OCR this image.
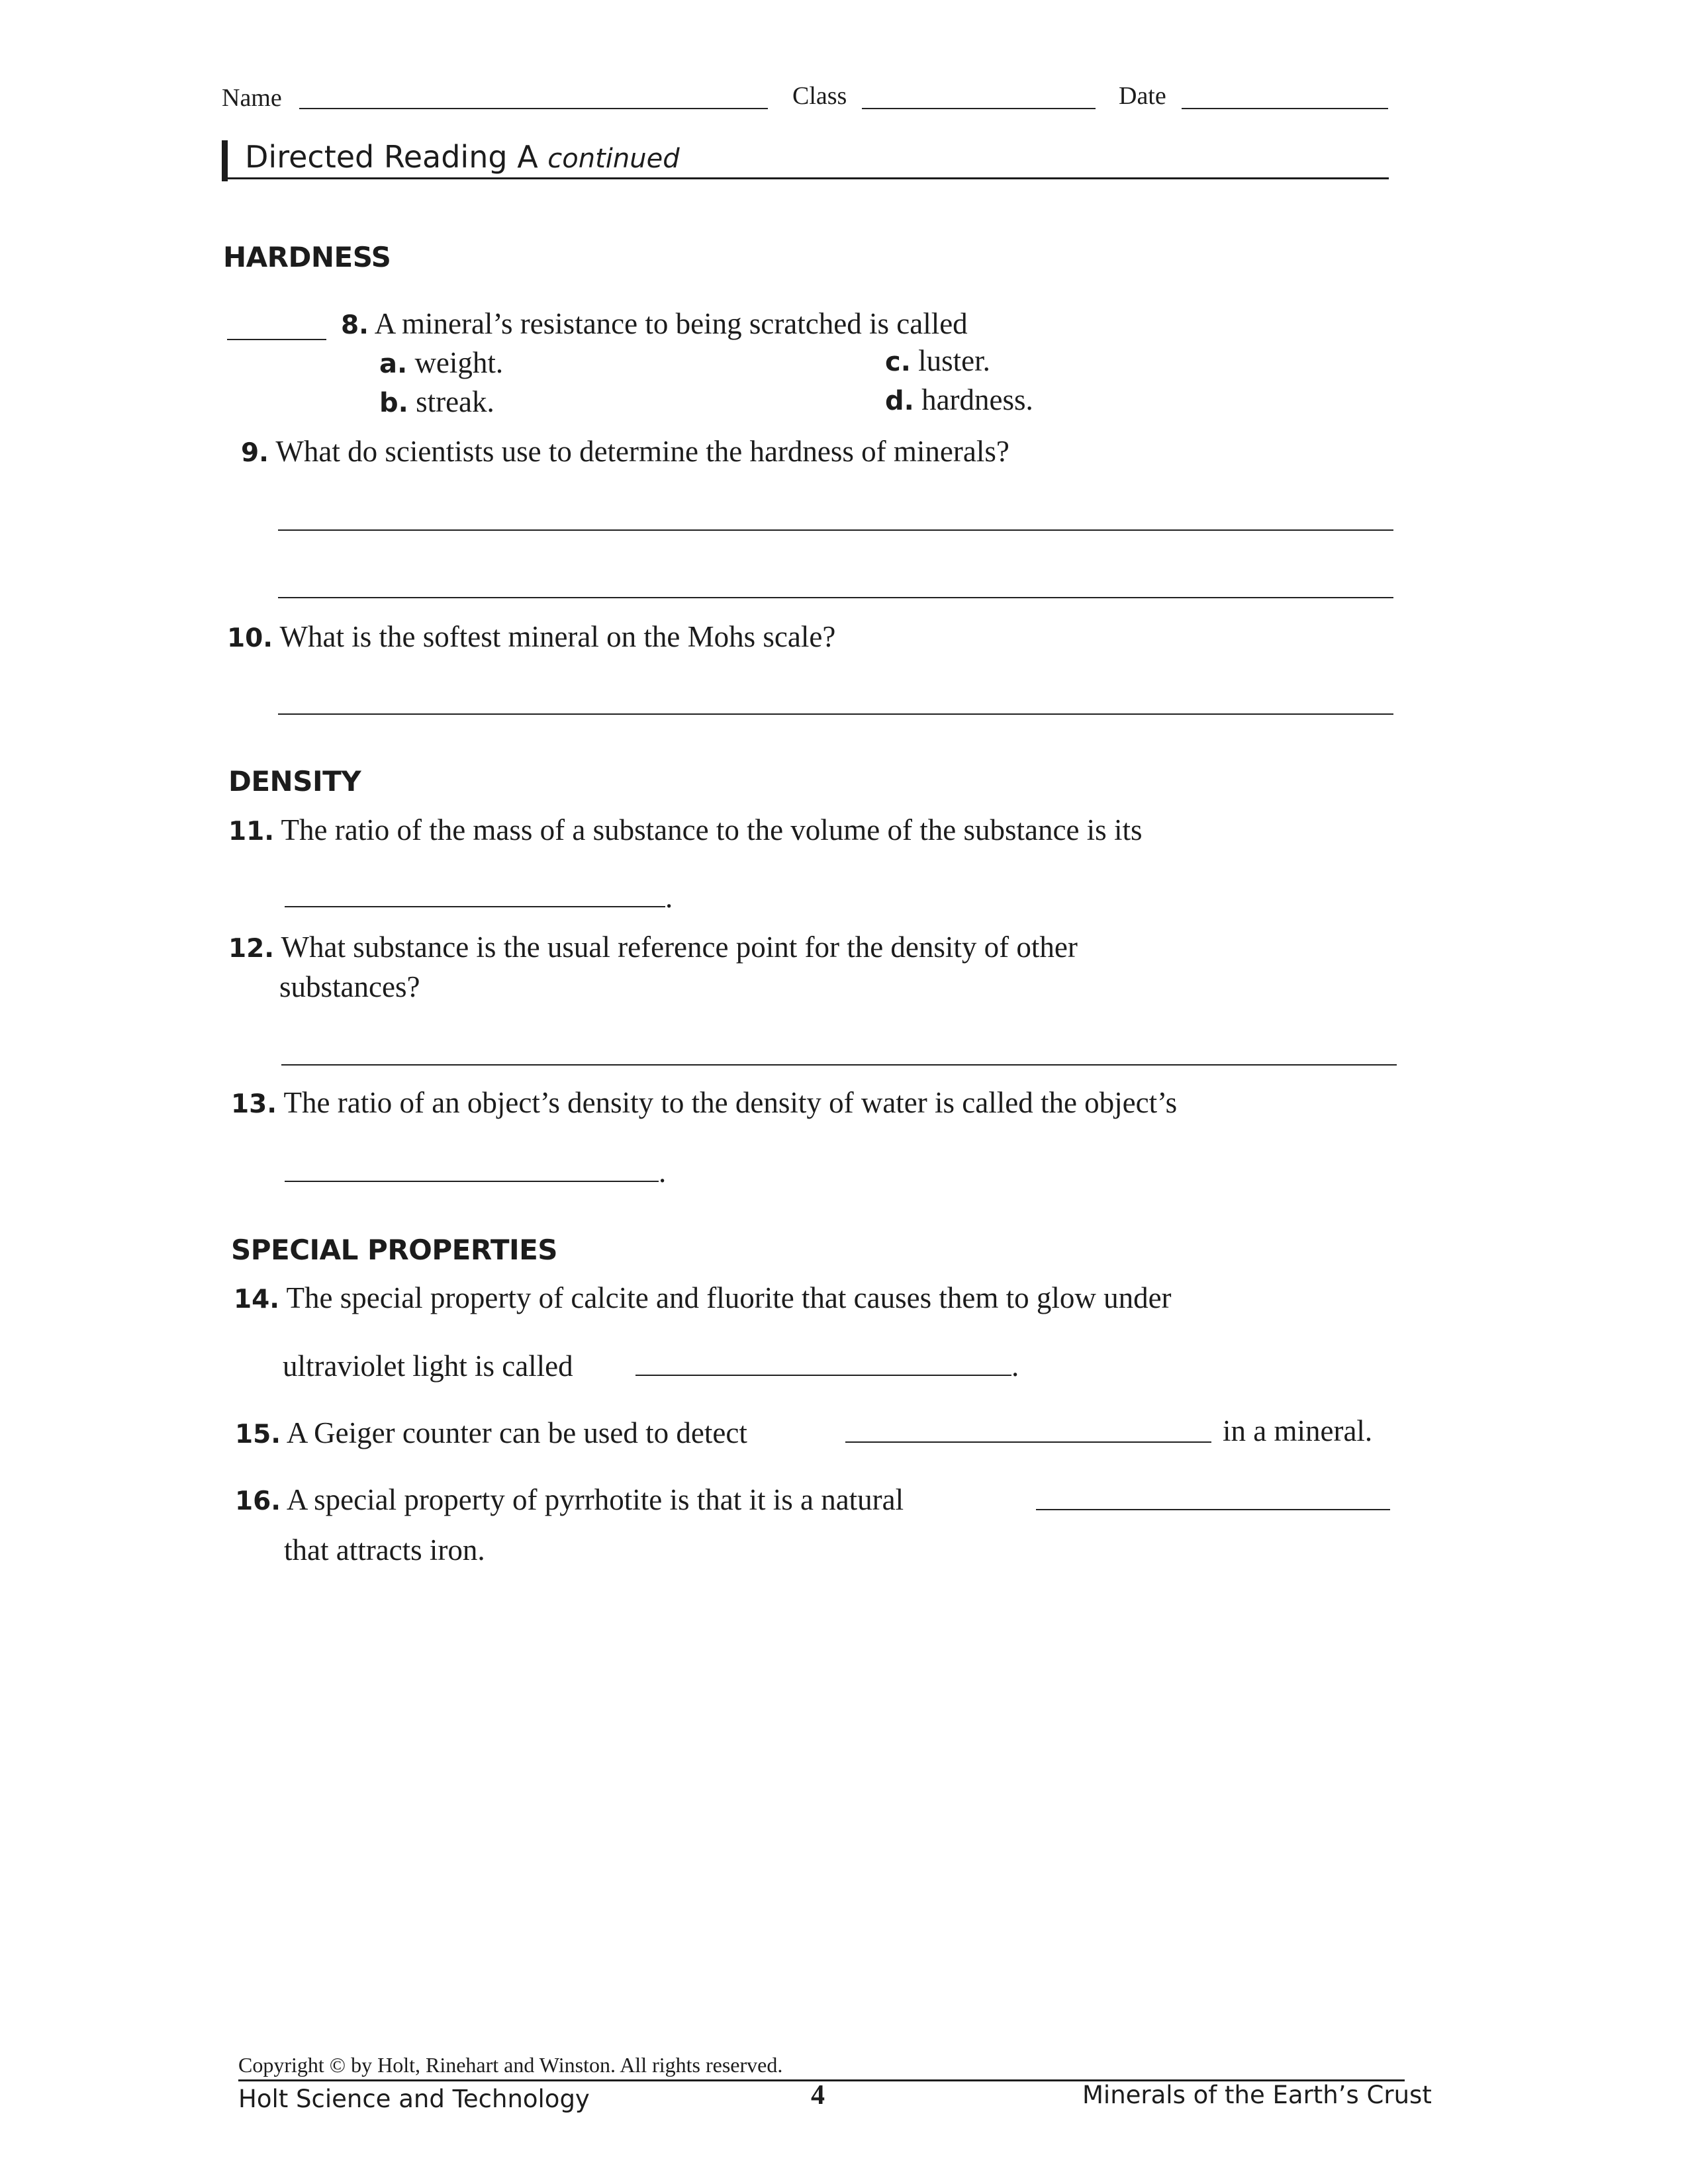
Name	Class	Date
Directed Reading A continued
HARDNESS
8. A mineral’s resistance to being scratched is called
a. weight.
b. streak.
c. luster.
d. hardness.
9. What do scientists use to determine the hardness of minerals?
10. What is the softest mineral on the Mohs scale?
DENSITY
11. The ratio of the mass of a substance to the volume of the substance is its
.
12. What substance is the usual reference point for the density of other
substances?
13. The ratio of an object’s density to the density of water is called the object’s
.
SPECIAL PROPERTIES
14. The special property of calcite and fluorite that causes them to glow under
ultraviolet light is called	.
15. A Geiger counter can be used to detect	in a mineral.
16. A special property of pyrrhotite is that it is a natural
that attracts iron.
Copyright © by Holt, Rinehart and Winston. All rights reserved.
Holt Science and Technology	4	Minerals of the Earth’s Crust
